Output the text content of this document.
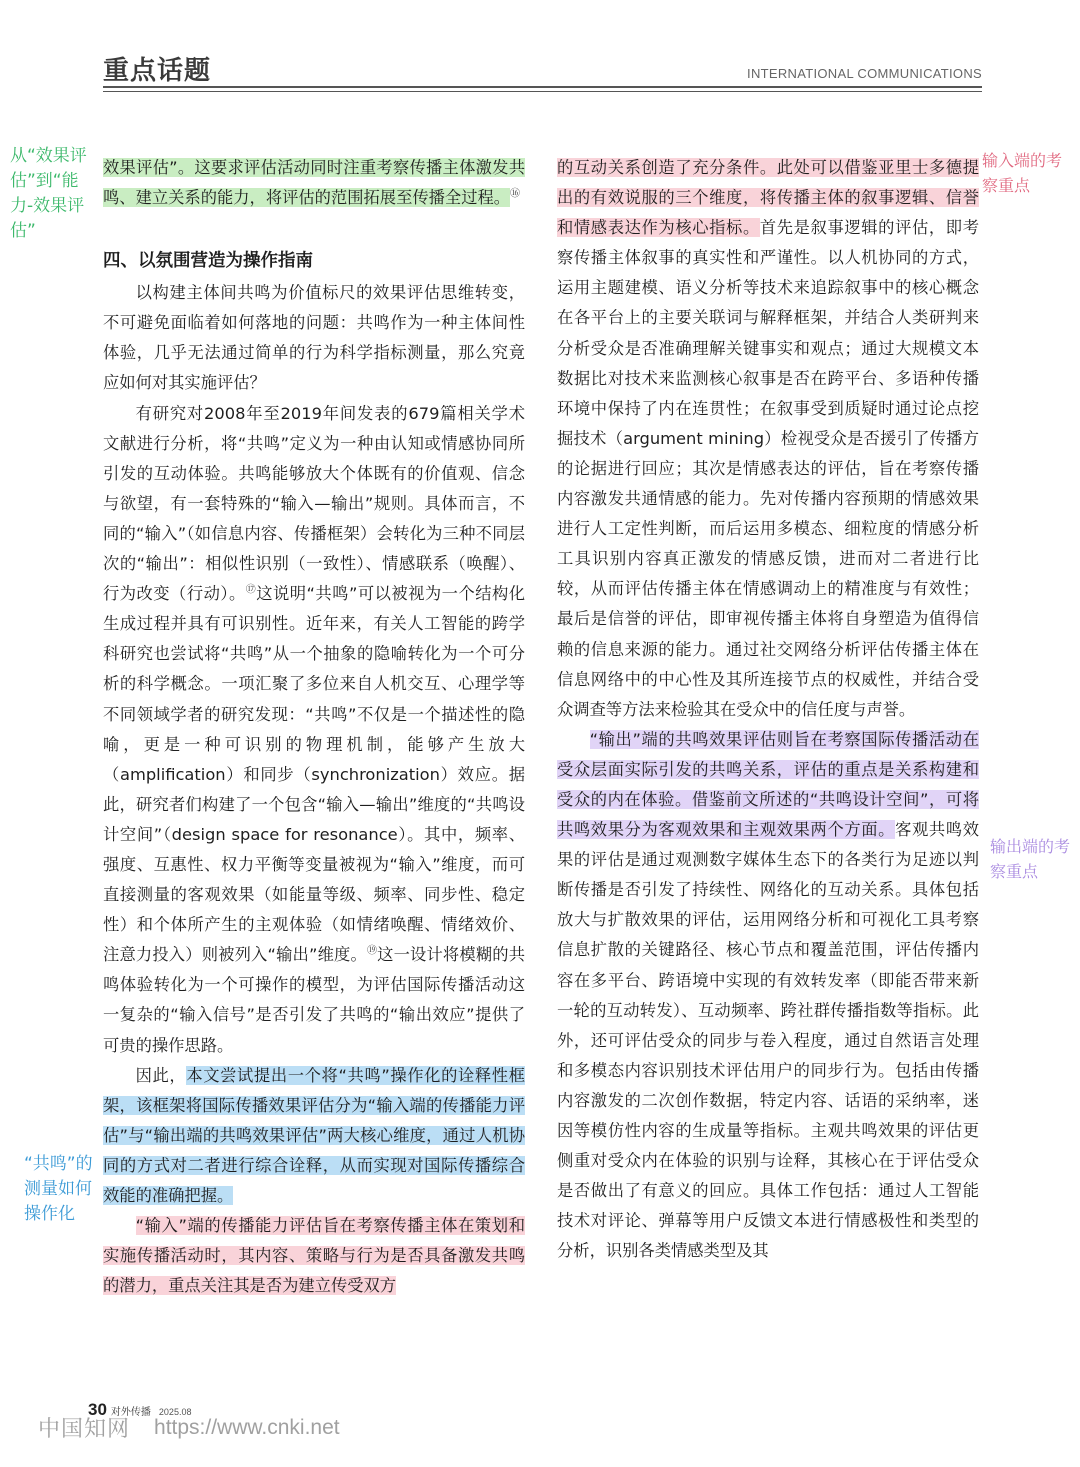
重点话题	INTERNATIONAL COMMUNICATIONS
从“效果评估”到“能力-效果评估”
输入端的考察重点
输出端的考察重点
“共鸣”的测量如何操作化

效果评估”。这要求评估活动同时注重考察传播主体激发共鸣、建立关系的能力，将评估的范围拓展至传播全过程。⑯

四、以氛围营造为操作指南

以构建主体间共鸣为价值标尺的效果评估思维转变，不可避免面临着如何落地的问题：共鸣作为一种主体间性体验，几乎无法通过简单的行为科学指标测量，那么究竟应如何对其实施评估？

有研究对2008年至2019年间发表的679篇相关学术文献进行分析，将“共鸣”定义为一种由认知或情感协同所引发的互动体验。共鸣能够放大个体既有的价值观、信念与欲望，有一套特殊的“输入—输出”规则。具体而言，不同的“输入”（如信息内容、传播框架）会转化为三种不同层次的“输出”：相似性识别（一致性）、情感联系（唤醒）、行为改变（行动）。⑰这说明“共鸣”可以被视为一个结构化生成过程并具有可识别性。近年来，有关人工智能的跨学科研究也尝试将“共鸣”从一个抽象的隐喻转化为一个可分析的科学概念。一项汇聚了多位来自人机交互、心理学等不同领域学者的研究发现：“共鸣”不仅是一个描述性的隐喻，更是一种可识别的物理机制，能够产生放大（amplification）和同步（synchronization）效应。据此，研究者们构建了一个包含“输入—输出”维度的“共鸣设计空间”（design space for resonance）。其中，频率、强度、互惠性、权力平衡等变量被视为“输入”维度，而可直接测量的客观效果（如能量等级、频率、同步性、稳定性）和个体所产生的主观体验（如情绪唤醒、情绪效价、注意力投入）则被列入“输出”维度。⑲这一设计将模糊的共鸣体验转化为一个可操作的模型，为评估国际传播活动这一复杂的“输入信号”是否引发了共鸣的“输出效应”提供了可贵的操作思路。

因此，本文尝试提出一个将“共鸣”操作化的诠释性框架，该框架将国际传播效果评估分为“输入端的传播能力评估”与“输出端的共鸣效果评估”两大核心维度，通过人机协同的方式对二者进行综合诠释，从而实现对国际传播综合效能的准确把握。

“输入”端的传播能力评估旨在考察传播主体在策划和实施传播活动时，其内容、策略与行为是否具备激发共鸣的潜力，重点关注其是否为建立传受双方

的互动关系创造了充分条件。此处可以借鉴亚里士多德提出的有效说服的三个维度，将传播主体的叙事逻辑、信誉和情感表达作为核心指标。首先是叙事逻辑的评估，即考察传播主体叙事的真实性和严谨性。以人机协同的方式，运用主题建模、语义分析等技术来追踪叙事中的核心概念在各平台上的主要关联词与解释框架，并结合人类研判来分析受众是否准确理解关键事实和观点；通过大规模文本数据比对技术来监测核心叙事是否在跨平台、多语种传播环境中保持了内在连贯性；在叙事受到质疑时通过论点挖掘技术（argument mining）检视受众是否援引了传播方的论据进行回应；其次是情感表达的评估，旨在考察传播内容激发共通情感的能力。先对传播内容预期的情感效果进行人工定性判断，而后运用多模态、细粒度的情感分析工具识别内容真正激发的情感反馈，进而对二者进行比较，从而评估传播主体在情感调动上的精准度与有效性；最后是信誉的评估，即审视传播主体将自身塑造为值得信赖的信息来源的能力。通过社交网络分析评估传播主体在信息网络中的中心性及其所连接节点的权威性，并结合受众调查等方法来检验其在受众中的信任度与声誉。

“输出”端的共鸣效果评估则旨在考察国际传播活动在受众层面实际引发的共鸣关系，评估的重点是关系构建和受众的内在体验。借鉴前文所述的“共鸣设计空间”，可将共鸣效果分为客观效果和主观效果两个方面。客观共鸣效果的评估是通过观测数字媒体生态下的各类行为足迹以判断传播是否引发了持续性、网络化的互动关系。具体包括放大与扩散效果的评估，运用网络分析和可视化工具考察信息扩散的关键路径、核心节点和覆盖范围，评估传播内容在多平台、跨语境中实现的有效转发率（即能否带来新一轮的互动转发）、互动频率、跨社群传播指数等指标。此外，还可评估受众的同步与卷入程度，通过自然语言处理和多模态内容识别技术评估用户的同步行为。包括由传播内容激发的二次创作数据，特定内容、话语的采纳率，迷因等模仿性内容的生成量等指标。主观共鸣效果的评估更侧重对受众内在体验的识别与诠释，其核心在于评估受众是否做出了有意义的回应。具体工作包括：通过人工智能技术对评论、弹幕等用户反馈文本进行情感极性和类型的分析，识别各类情感类型及其

30 对外传播 2025.08
中国知网 https://www.cnki.net
